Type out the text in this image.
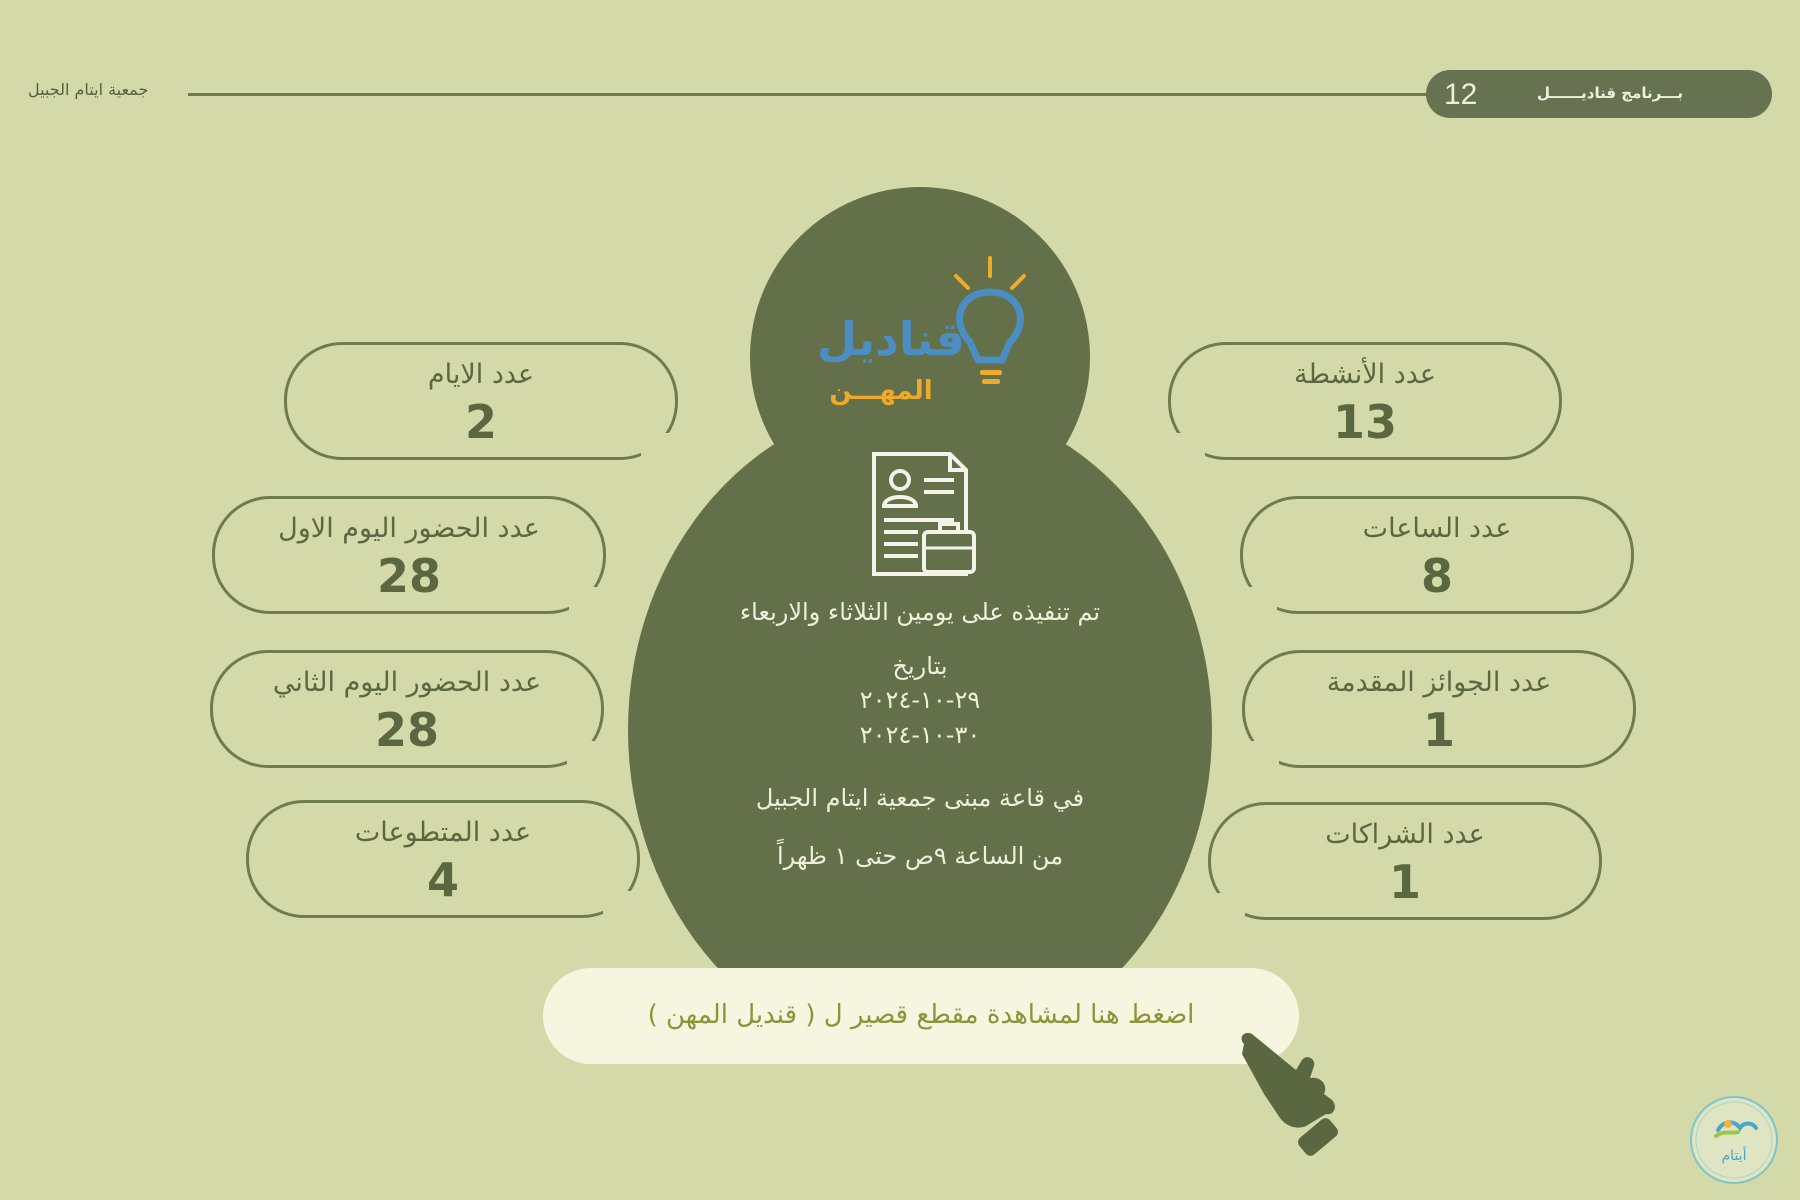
جمعية ايتام الجبيل	12	بـــرنامج قناديــــــل
قناديل
المهـــن
تم تنفيذه على يومين الثلاثاء والاربعاء
بتاريخ
٢٩-١٠-٢٠٢٤
٣٠-١٠-٢٠٢٤
في قاعة مبنى جمعية ايتام الجبيل
من الساعة ٩ص حتى ١ ظهراً
عدد الايام
2
عدد الحضور اليوم الاول
28
عدد الحضور اليوم الثاني
28
عدد المتطوعات
4
عدد الأنشطة
13
عدد الساعات
8
عدد الجوائز المقدمة
1
عدد الشراكات
1
اضغط هنا لمشاهدة مقطع قصير ل ( قنديل المهن )
أيتام
